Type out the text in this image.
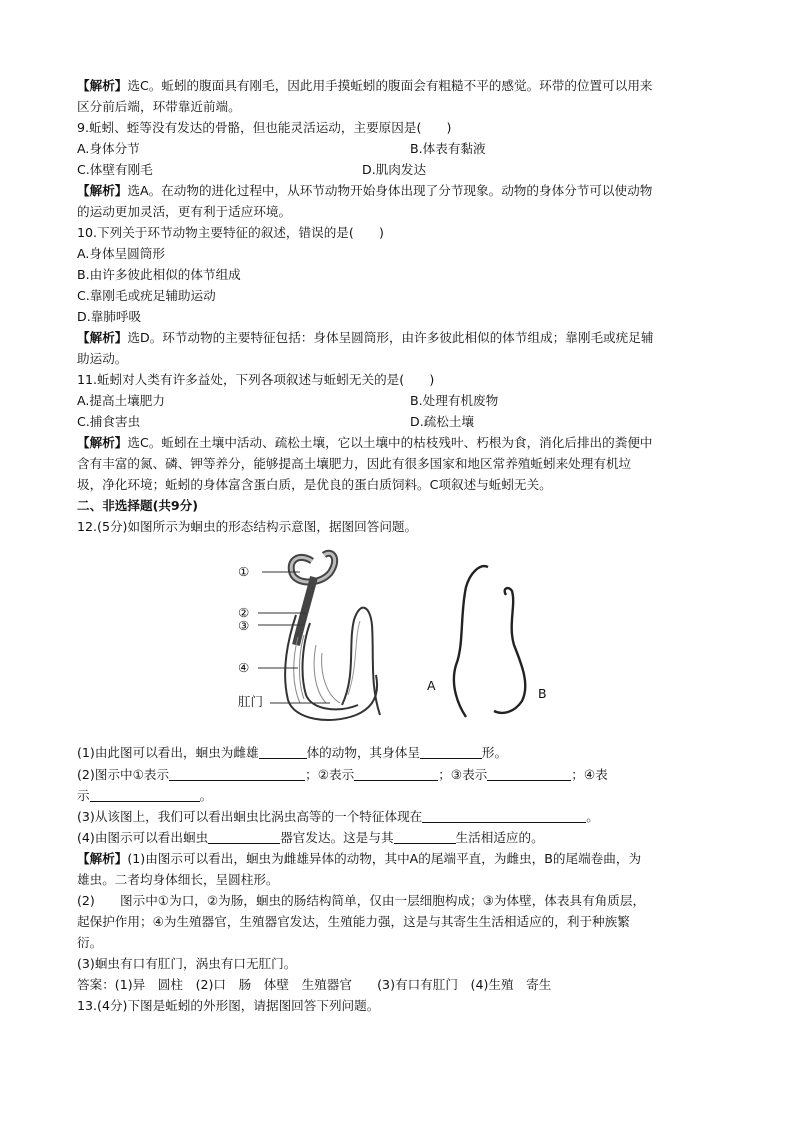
【解析】选C。蚯蚓的腹面具有刚毛，因此用手摸蚯蚓的腹面会有粗糙不平的感觉。环带的位置可以用来
区分前后端，环带靠近前端。
9.蚯蚓、蛭等没有发达的骨骼，但也能灵活运动，主要原因是(　　)
A.身体分节	B.体表有黏液
C.体壁有刚毛	D.肌肉发达
【解析】选A。在动物的进化过程中，从环节动物开始身体出现了分节现象。动物的身体分节可以使动物
的运动更加灵活，更有利于适应环境。
10.下列关于环节动物主要特征的叙述，错误的是(　　)
A.身体呈圆筒形
B.由许多彼此相似的体节组成
C.靠刚毛或疣足辅助运动
D.靠肺呼吸
【解析】选D。环节动物的主要特征包括：身体呈圆筒形，由许多彼此相似的体节组成；靠刚毛或疣足辅
助运动。
11.蚯蚓对人类有许多益处，下列各项叙述与蚯蚓无关的是(　　)
A.提高土壤肥力	B.处理有机废物
C.捕食害虫	D.疏松土壤
【解析】选C。蚯蚓在土壤中活动、疏松土壤，它以土壤中的枯枝残叶、朽根为食，消化后排出的粪便中
含有丰富的氮、磷、钾等养分，能够提高土壤肥力，因此有很多国家和地区常养殖蚯蚓来处理有机垃
圾，净化环境；蚯蚓的身体富含蛋白质，是优良的蛋白质饲料。C项叙述与蚯蚓无关。
二、非选择题(共9分)
12.(5分)如图所示为蛔虫的形态结构示意图，据图回答问题。
①
②
③
④
肛门
A
B
(1)由此图可以看出，蛔虫为雌雄	体的动物，其身体呈	形。
(2)图示中①表示	；②表示	；③表示	；④表
示	。
(3)从该图上，我们可以看出蛔虫比涡虫高等的一个特征体现在	。
(4)由图示可以看出蛔虫	器官发达。这是与其	生活相适应的。
【解析】(1)由图示可以看出，蛔虫为雌雄异体的动物，其中A的尾端平直，为雌虫，B的尾端卷曲，为
雄虫。二者均身体细长，呈圆柱形。
(2)　　图示中①为口，②为肠，蛔虫的肠结构简单，仅由一层细胞构成；③为体壁，体表具有角质层，
起保护作用；④为生殖器官，生殖器官发达，生殖能力强，这是与其寄生生活相适应的，利于种族繁
衍。
(3)蛔虫有口有肛门，涡虫有口无肛门。
答案：(1)异　圆柱　(2)口　肠　体壁　生殖器官　　(3)有口有肛门　(4)生殖　寄生
13.(4分)下图是蚯蚓的外形图，请据图回答下列问题。
